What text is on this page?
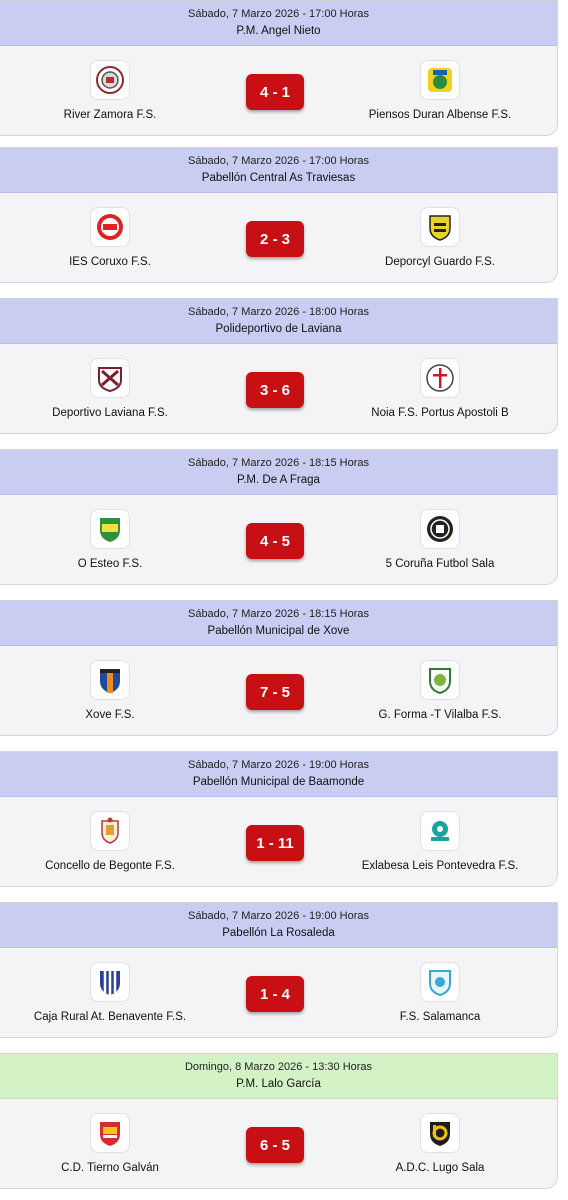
Sábado, 7 Marzo 2026 - 17:00 Horas
P.M. Angel Nieto
River Zamora F.S.
4 - 1
Piensos Duran Albense F.S.
Sábado, 7 Marzo 2026 - 17:00 Horas
Pabellón Central As Traviesas
IES Coruxo F.S.
2 - 3
Deporcyl Guardo F.S.
Sábado, 7 Marzo 2026 - 18:00 Horas
Polideportivo de Laviana
Deportivo Laviana F.S.
3 - 6
Noia F.S. Portus Apostoli B
Sábado, 7 Marzo 2026 - 18:15 Horas
P.M. De A Fraga
O Esteo F.S.
4 - 5
5 Coruña Futbol Sala
Sábado, 7 Marzo 2026 - 18:15 Horas
Pabellón Municipal de Xove
Xove F.S.
7 - 5
G. Forma -T Vilalba F.S.
Sábado, 7 Marzo 2026 - 19:00 Horas
Pabellón Municipal de Baamonde
Concello de Begonte F.S.
1 - 11
Exlabesa Leis Pontevedra F.S.
Sábado, 7 Marzo 2026 - 19:00 Horas
Pabellón La Rosaleda
Caja Rural At. Benavente F.S.
1 - 4
F.S. Salamanca
Domingo, 8 Marzo 2026 - 13:30 Horas
P.M. Lalo García
C.D. Tierno Galván
6 - 5
A.D.C. Lugo Sala
